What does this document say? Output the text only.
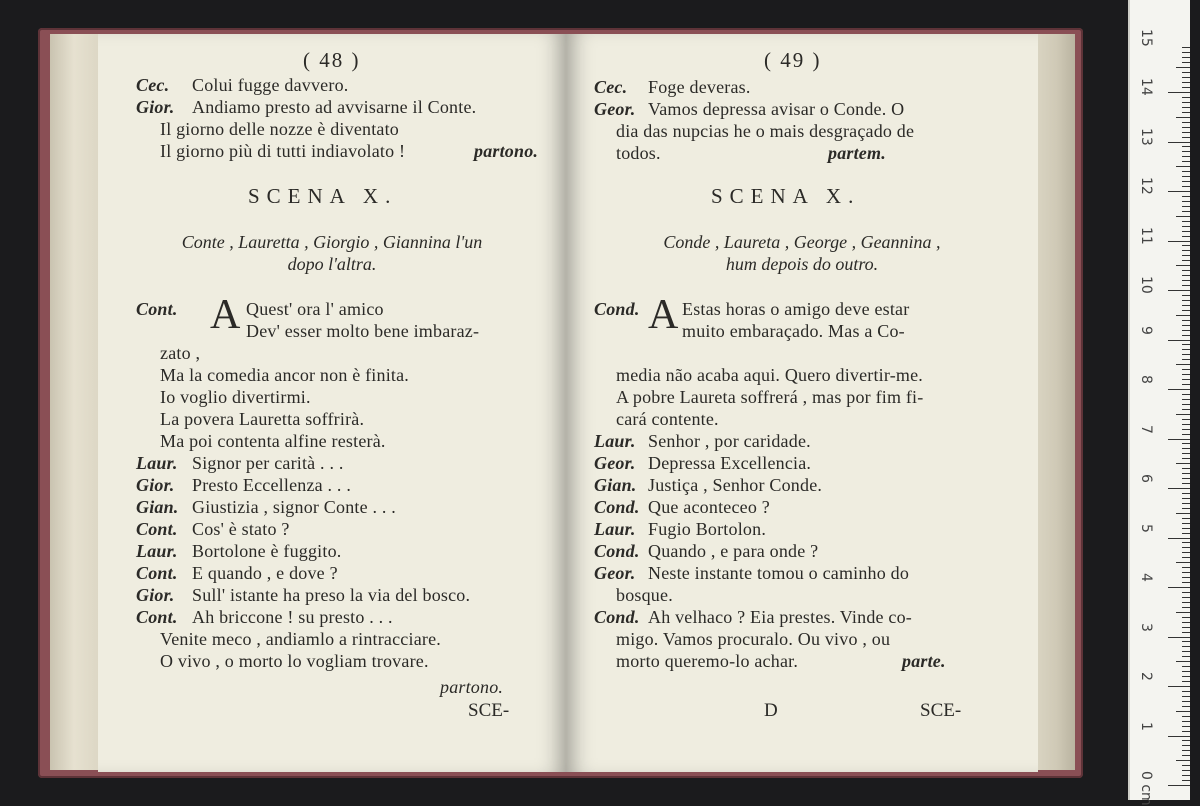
( 48 )
Cec. Colui fugge davvero.
Gior. Andiamo presto ad avvisarne il Conte.
Il giorno delle nozze è diventato
Il giorno più di tutti indiavolato !	partono.
SCENA X.
Conte , Lauretta , Giorgio , Giannina l'un
dopo l'altra.
Cont. A Quest' ora l' amico
Dev' esser molto bene imbaraz-
zato ,
Ma la comedia ancor non è finita.
Io voglio divertirmi.
La povera Lauretta soffrirà.
Ma poi contenta alfine resterà.
Laur. Signor per carità . . .
Gior. Presto Eccellenza . . .
Gian. Giustizia , signor Conte . . .
Cont. Cos' è stato ?
Laur. Bortolone è fuggito.
Cont. E quando , e dove ?
Gior. Sull' istante ha preso la via del bosco.
Cont. Ah briccone ! su presto . . .
Venite meco , andiamlo a rintracciare.
O vivo , o morto lo vogliam trovare.
partono.
SCE-
( 49 )
Cec. Foge deveras.
Geor. Vamos depressa avisar o Conde. O
dia das nupcias he o mais desgraçado de
todos.	partem.
SCENA X.
Conde , Laureta , George , Geannina ,
hum depois do outro.
Cond. A Estas horas o amigo deve estar
muito embaraçado. Mas a Co-
media não acaba aqui. Quero divertir-me.
A pobre Laureta soffrerá , mas por fim fi-
cará contente.
Laur. Senhor , por caridade.
Geor. Depressa Excellencia.
Gian. Justiça , Senhor Conde.
Cond. Que aconteceo ?
Laur. Fugio Bortolon.
Cond. Quando , e para onde ?
Geor. Neste instante tomou o caminho do
bosque.
Cond. Ah velhaco ? Eia prestes. Vinde co-
migo. Vamos procuralo. Ou vivo , ou
morto queremo-lo achar.	parte.
D	SCE-
0 cm
1
2
3
4
5
6
7
8
9
10
11
12
13
14
15
